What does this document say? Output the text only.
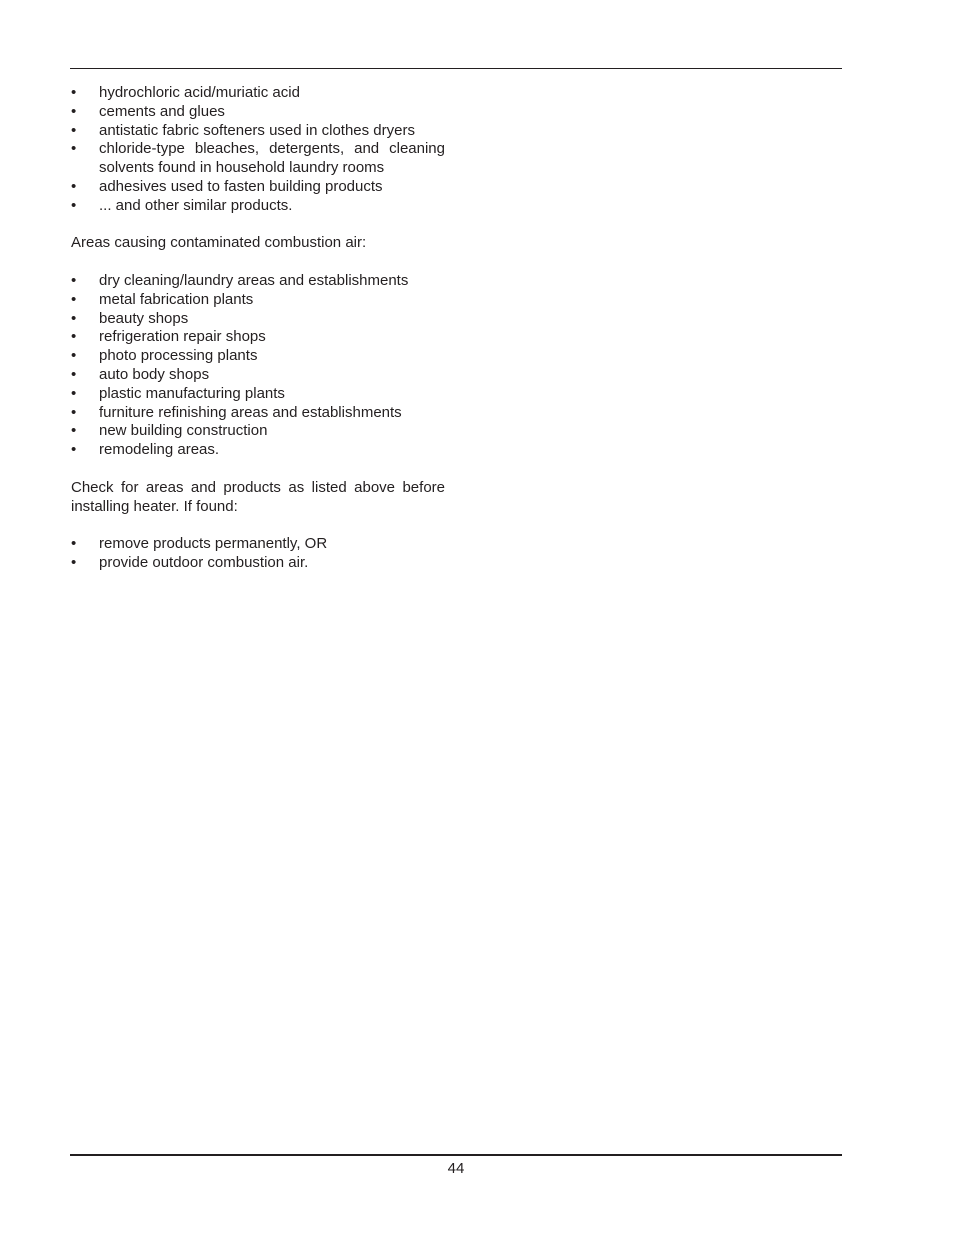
• hydrochloric acid/muriatic acid
• cements and glues
• antistatic fabric softeners used in clothes dryers
• chloride-type bleaches, detergents, and cleaning solvents found in household laundry rooms
• adhesives used to fasten building products
• ... and other similar products.

Areas causing contaminated combustion air:

• dry cleaning/laundry areas and establishments
• metal fabrication plants
• beauty shops
• refrigeration repair shops
• photo processing plants
• auto body shops
• plastic manufacturing plants
• furniture refinishing areas and establishments
• new building construction
• remodeling areas.

Check for areas and products as listed above before installing heater. If found:

• remove products permanently, OR
• provide outdoor combustion air.
44
